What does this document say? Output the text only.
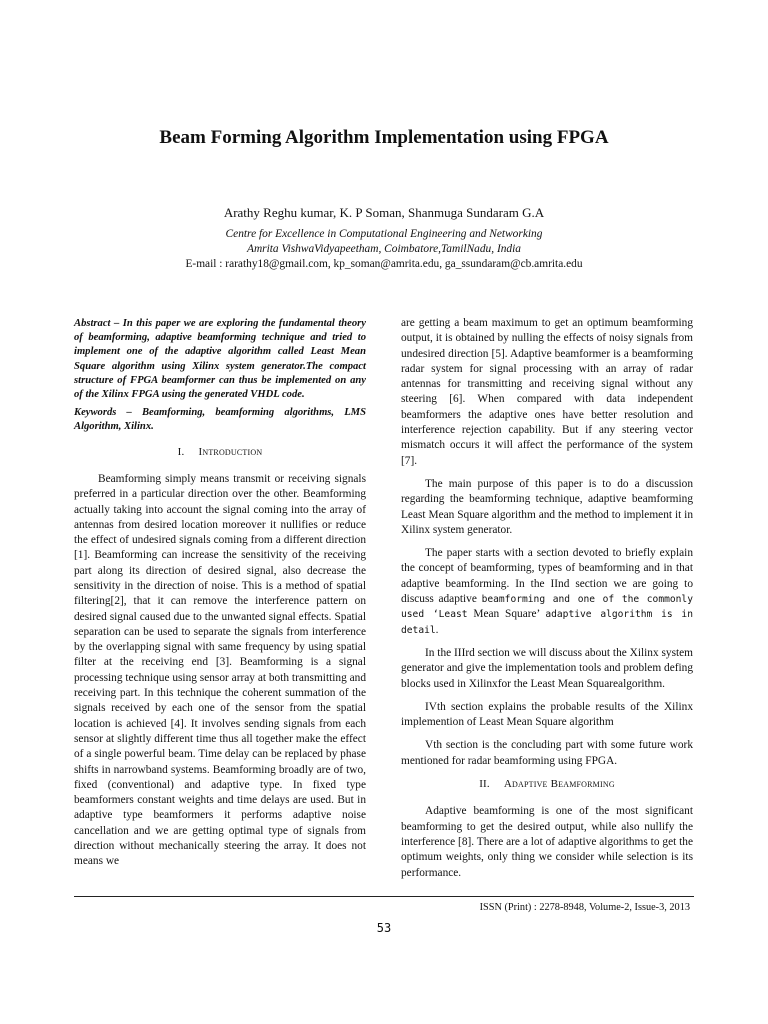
Beam Forming Algorithm Implementation using FPGA
Arathy Reghu kumar, K. P Soman, Shanmuga Sundaram G.A
Centre for Excellence in Computational Engineering and Networking
Amrita VishwaVidyapeetham, Coimbatore,TamilNadu, India
E-mail : rarathy18@gmail.com, kp_soman@amrita.edu, ga_ssundaram@cb.amrita.edu

Abstract – In this paper we are exploring the fundamental theory of beamforming, adaptive beamforming technique and tried to implement one of the adaptive algorithm called Least Mean Square algorithm using Xilinx system generator.The compact structure of FPGA beamformer can thus be implemented on any of the Xilinx FPGA using the generated VHDL code.

Keywords – Beamforming, beamforming algorithms, LMS Algorithm, Xilinx.

I. Introduction

Beamforming simply means transmit or receiving signals preferred in a particular direction over the other. Beamforming actually taking into account the signal coming into the array of antennas from desired location moreover it nullifies or reduce the effect of undesired signals coming from a different direction [1]. Beamforming can increase the sensitivity of the receiving part along its direction of desired signal, also decrease the sensitivity in the direction of noise. This is a method of spatial filtering[2], that it can remove the interference pattern on desired signal caused due to the unwanted signal effects. Spatial separation can be used to separate the signals from interference by the overlapping signal with same frequency by using spatial filter at the receiving end [3]. Beamforming is a signal processing technique using sensor array at both transmitting and receiving part. In this technique the coherent summation of the signals received by each one of the sensor from the spatial location is achieved [4]. It involves sending signals from each sensor at slightly different time thus all together make the effect of a single powerful beam. Time delay can be replaced by phase shifts in narrowband systems. Beamforming broadly are of two, fixed (conventional) and adaptive type. In fixed type beamformers constant weights and time delays are used. But in adaptive type beamformers it performs adaptive noise cancellation and we are getting optimal type of signals from direction without mechanically steering the array. It does not means we

are getting a beam maximum to get an optimum beamforming output, it is obtained by nulling the effects of noisy signals from undesired direction [5]. Adaptive beamformer is a beamforming radar system for signal processing with an array of radar antennas for transmitting and receiving signal without any steering [6]. When compared with data independent beamformers the adaptive ones have better resolution and interference rejection capability. But if any steering vector mismatch occurs it will affect the performance of the system [7].

The main purpose of this paper is to do a discussion regarding the beamforming technique, adaptive beamforming Least Mean Square algorithm and the method to implement it in Xilinx system generator.

The paper starts with a section devoted to briefly explain the concept of beamforming, types of beamforming and in that adaptive beamforming. In the IInd section we are going to discuss adaptive beamforming and one of the commonly used ‘Least Mean Square’ adaptive algorithm is in detail.

In the IIIrd section we will discuss about the Xilinx system generator and give the implementation tools and problem defing blocks used in Xilinxfor the Least Mean Squarealgorithm.

IVth section explains the probable results of the Xilinx implemention of Least Mean Square algorithm

Vth section is the concluding part with some future work mentioned for radar beamforming using FPGA.

II. Adaptive Beamforming

Adaptive beamforming is one of the most significant beamforming to get the desired output, while also nullify the interference [8]. There are a lot of adaptive algorithms to get the optimum weights, only thing we consider while selection is its performance.

ISSN (Print) : 2278-8948, Volume-2, Issue-3, 2013
53
